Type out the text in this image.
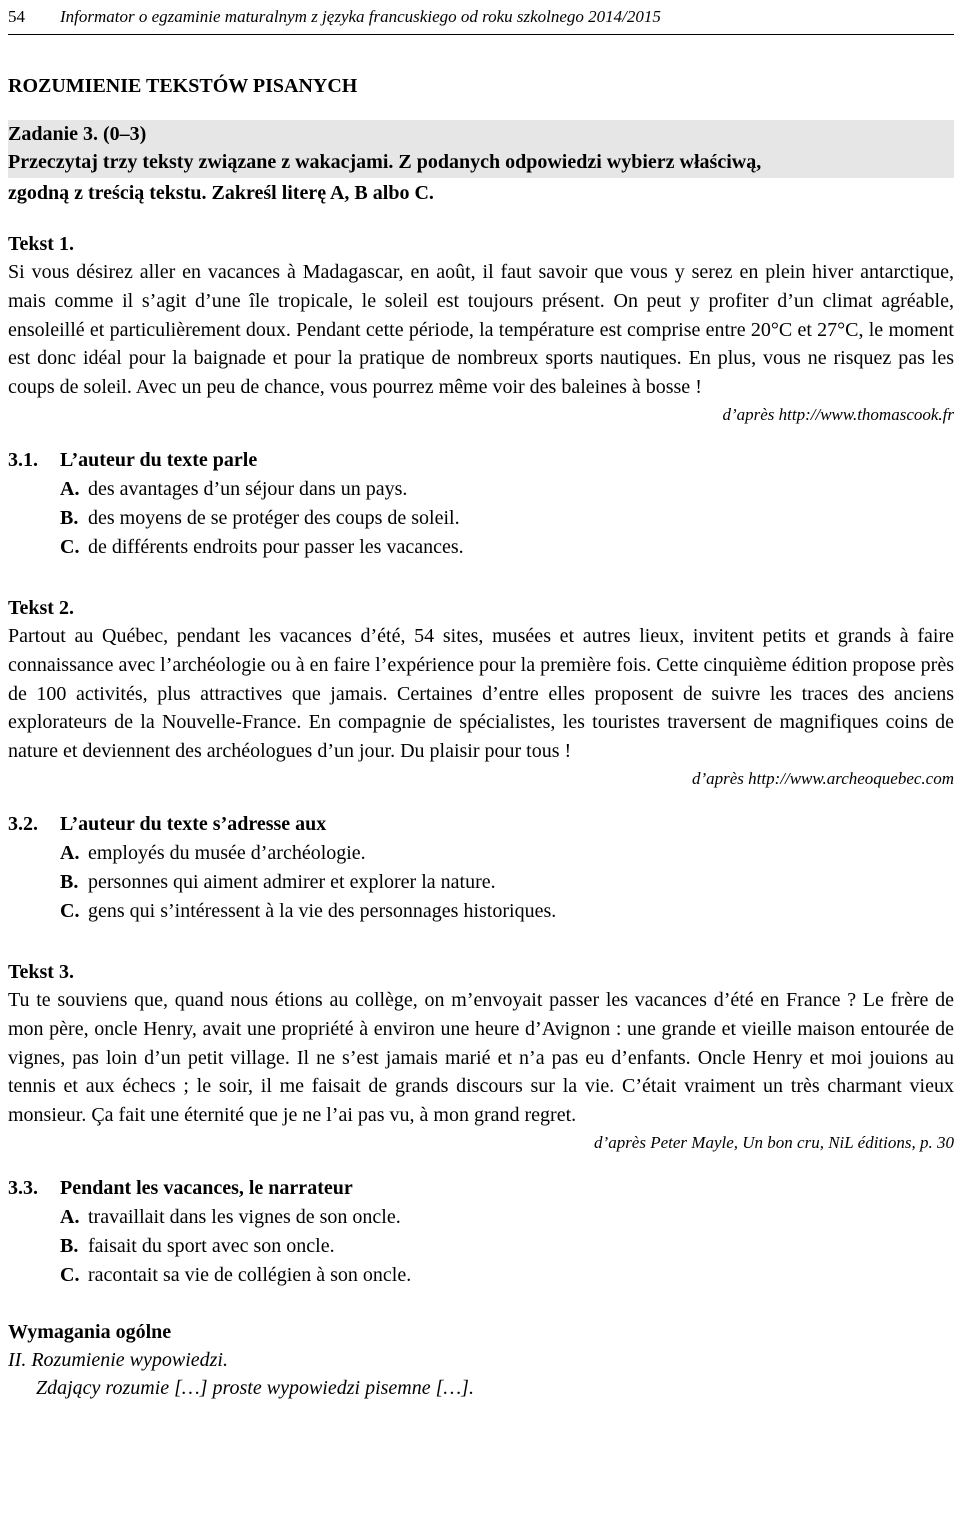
54	Informator o egzaminie maturalnym z języka francuskiego od roku szkolnego 2014/2015
ROZUMIENIE TEKSTÓW PISANYCH
Zadanie 3. (0–3)
Przeczytaj trzy teksty związane z wakacjami. Z podanych odpowiedzi wybierz właściwą,
zgodną z treścią tekstu. Zakreśl literę A, B albo C.
Tekst 1.

Si vous désirez aller en vacances à Madagascar, en août, il faut savoir que vous y serez en plein hiver antarctique, mais comme il s’agit d’une île tropicale, le soleil est toujours présent. On peut y profiter d’un climat agréable, ensoleillé et particulièrement doux. Pendant cette période, la température est comprise entre 20°C et 27°C, le moment est donc idéal pour la baignade et pour la pratique de nombreux sports nautiques. En plus, vous ne risquez pas les coups de soleil. Avec un peu de chance, vous pourrez même voir des baleines à bosse !

d’après http://www.thomascook.fr
3.1. L’auteur du texte parle
A. des avantages d’un séjour dans un pays.
B. des moyens de se protéger des coups de soleil.
C. de différents endroits pour passer les vacances.
Tekst 2.

Partout au Québec, pendant les vacances d’été, 54 sites, musées et autres lieux, invitent petits et grands à faire connaissance avec l’archéologie ou à en faire l’expérience pour la première fois. Cette cinquième édition propose près de 100 activités, plus attractives que jamais. Certaines d’entre elles proposent de suivre les traces des anciens explorateurs de la Nouvelle-France. En compagnie de spécialistes, les touristes traversent de magnifiques coins de nature et deviennent des archéologues d’un jour. Du plaisir pour tous !

d’après http://www.archeoquebec.com
3.2. L’auteur du texte s’adresse aux
A. employés du musée d’archéologie.
B. personnes qui aiment admirer et explorer la nature.
C. gens qui s’intéressent à la vie des personnages historiques.
Tekst 3.

Tu te souviens que, quand nous étions au collège, on m’envoyait passer les vacances d’été en France ? Le frère de mon père, oncle Henry, avait une propriété à environ une heure d’Avignon : une grande et vieille maison entourée de vignes, pas loin d’un petit village. Il ne s’est jamais marié et n’a pas eu d’enfants. Oncle Henry et moi jouions au tennis et aux échecs ; le soir, il me faisait de grands discours sur la vie. C’était vraiment un très charmant vieux monsieur. Ça fait une éternité que je ne l’ai pas vu, à mon grand regret.

d’après Peter Mayle, Un bon cru, NiL éditions, p. 30
3.3. Pendant les vacances, le narrateur
A. travaillait dans les vignes de son oncle.
B. faisait du sport avec son oncle.
C. racontait sa vie de collégien à son oncle.
Wymagania ogólne
II. Rozumienie wypowiedzi.
Zdający rozumie […] proste wypowiedzi pisemne […].
